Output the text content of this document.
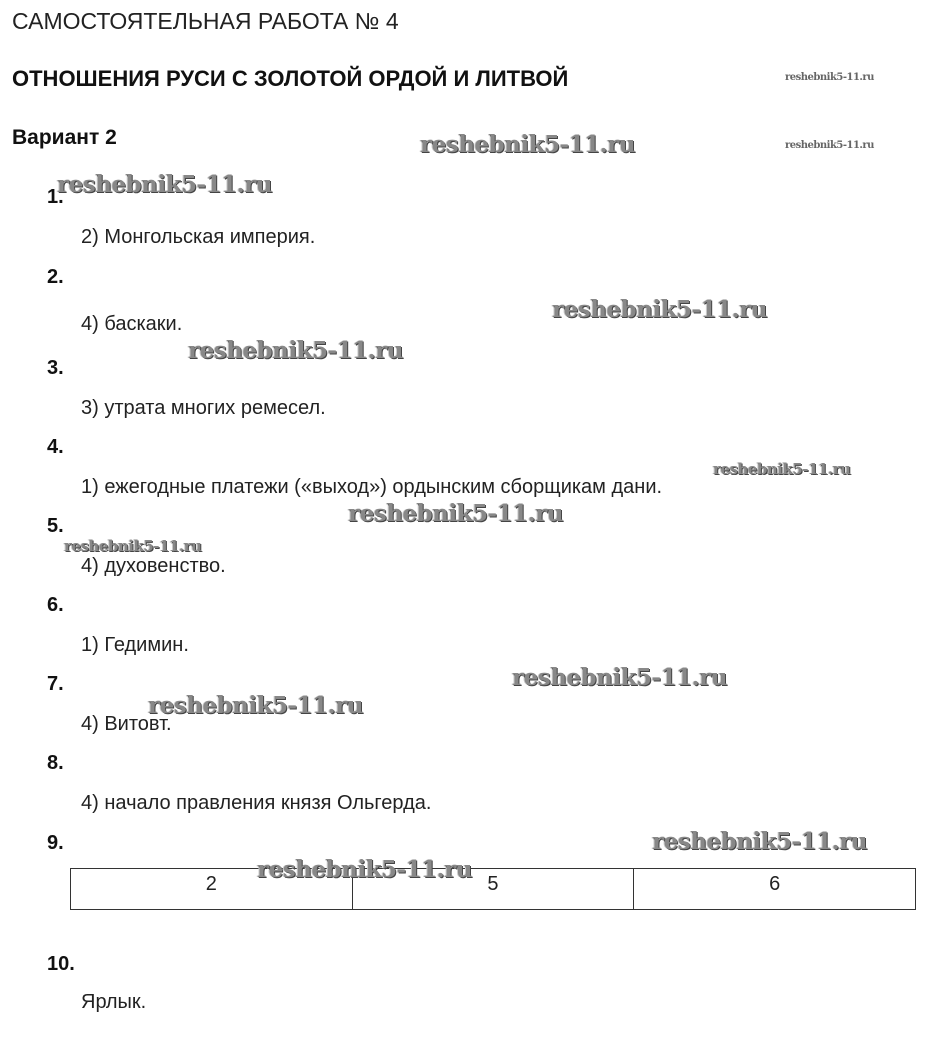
САМОСТОЯТЕЛЬНАЯ РАБОТА № 4
ОТНОШЕНИЯ РУСИ С ЗОЛОТОЙ ОРДОЙ И ЛИТВОЙ
Вариант 2
1.
2) Монгольская империя.
2.
4) баскаки.
3.
3) утрата многих ремесел.
4.
1) ежегодные платежи («выход») ордынским сборщикам дани.
5.
4) духовенство.
6.
1) Гедимин.
7.
4) Витовт.
8.
4) начало правления князя Ольгерда.
9.
2	5	6
10.
Ярлык.
reshebnik5-11.ru
reshebnik5-11.ru
reshebnik5-11.ru
reshebnik5-11.ru
reshebnik5-11.ru
reshebnik5-11.ru
reshebnik5-11.ru
reshebnik5-11.ru
reshebnik5-11.ru
reshebnik5-11.ru
reshebnik5-11.ru
reshebnik5-11.ru
reshebnik5-11.ru
